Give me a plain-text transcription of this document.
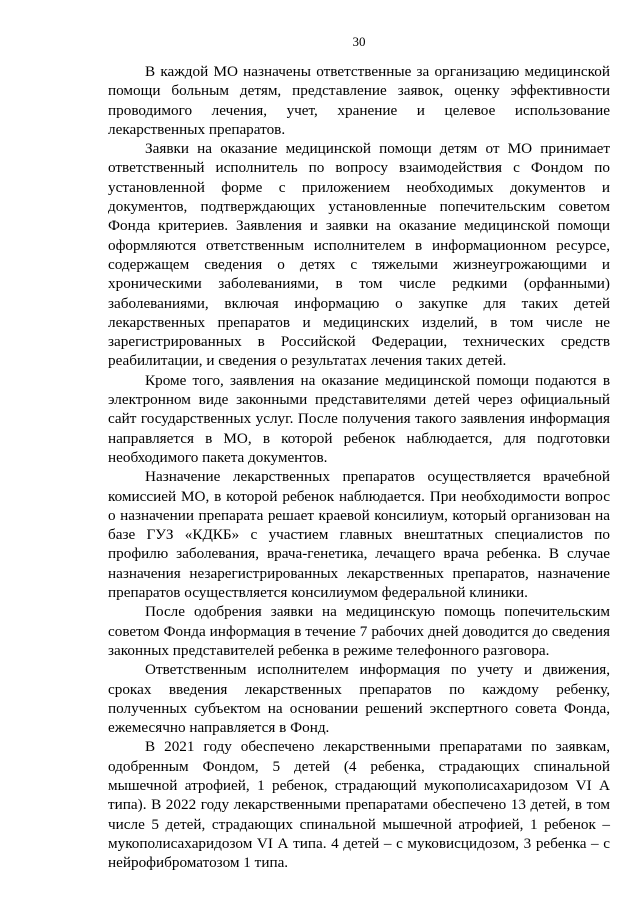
30

В каждой МО назначены ответственные за организацию медицинской помощи больным детям, представление заявок, оценку эффективности проводимого лечения, учет, хранение и целевое использование лекарственных препаратов.

Заявки на оказание медицинской помощи детям от МО принимает ответственный исполнитель по вопросу взаимодействия с Фондом по установленной форме с приложением необходимых документов и документов, подтверждающих установленные попечительским советом Фонда критериев. Заявления и заявки на оказание медицинской помощи оформляются ответственным исполнителем в информационном ресурсе, содержащем сведения о детях с тяжелыми жизнеугрожающими и хроническими заболеваниями, в том числе редкими (орфанными) заболеваниями, включая информацию о закупке для таких детей лекарственных препаратов и медицинских изделий, в том числе не зарегистрированных в Российской Федерации, технических средств реабилитации, и сведения о результатах лечения таких детей.

Кроме того, заявления на оказание медицинской помощи подаются в электронном виде законными представителями детей через официальный сайт государственных услуг. После получения такого заявления информация направляется в МО, в которой ребенок наблюдается, для подготовки необходимого пакета документов.

Назначение лекарственных препаратов осуществляется врачебной комиссией МО, в которой ребенок наблюдается. При необходимости вопрос о назначении препарата решает краевой консилиум, который организован на базе ГУЗ «КДКБ» с участием главных внештатных специалистов по профилю заболевания, врача-генетика, лечащего врача ребенка. В случае назначения незарегистрированных лекарственных препаратов, назначение препаратов осуществляется консилиумом федеральной клиники.

После одобрения заявки на медицинскую помощь попечительским советом Фонда информация в течение 7 рабочих дней доводится до сведения законных представителей ребенка в режиме телефонного разговора.

Ответственным исполнителем информация по учету и движения, сроках введения лекарственных препаратов по каждому ребенку, полученных субъектом на основании решений экспертного совета Фонда, ежемесячно направляется в Фонд.

В 2021 году обеспечено лекарственными препаратами по заявкам, одобренным Фондом, 5 детей (4 ребенка, страдающих спинальной мышечной атрофией, 1 ребенок, страдающий мукополисахаридозом VI А типа). В 2022 году лекарственными препаратами обеспечено 13 детей, в том числе 5 детей, страдающих спинальной мышечной атрофией, 1 ребенок – мукополисахаридозом VI А типа. 4 детей – с муковисцидозом, 3 ребенка – с нейрофиброматозом 1 типа.
